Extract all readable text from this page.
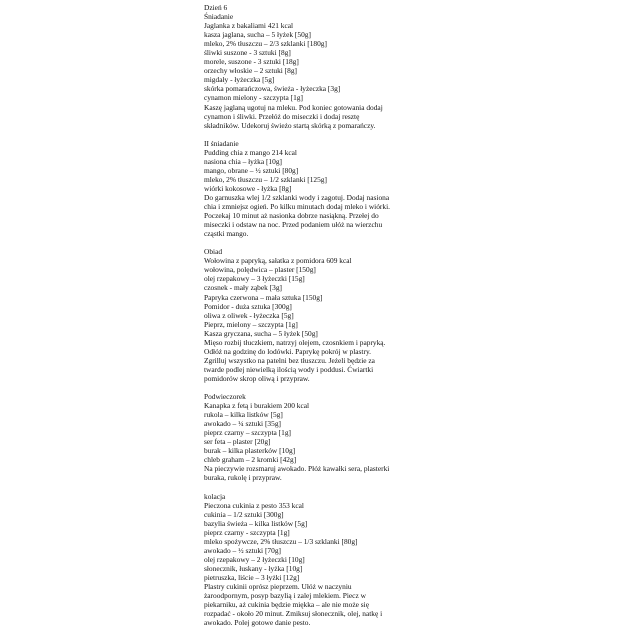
Dzień 6
Śniadanie
Jaglanka z bakaliami 421 kcal
kasza jaglana, sucha – 5 łyżek [50g]
mleko, 2% tłuszczu – 2/3 szklanki [180g]
śliwki suszone - 3 sztuki [8g]
morele, suszone - 3 sztuki [18g]
orzechy włoskie – 2 sztuki [8g]
migdały - łyżeczka [5g]
skórka pomarańczowa, świeża - łyżeczka [3g]
cynamon mielony - szczypta [1g]
Kaszę jaglaną ugotuj na mleku. Pod koniec gotowania dodaj
cynamon i śliwki. Przełóż do miseczki i dodaj resztę
składników. Udekoruj świeżo startą skórką z pomarańczy.
II śniadanie
Pudding chia z mango 214 kcal
nasiona chia – łyżka [10g]
mango, obrane – ½ sztuki [80g]
mleko, 2% tłuszczu – 1/2 szklanki [125g]
wiórki kokosowe - łyżka [8g]
Do garnuszka wlej 1/2 szklanki wody i zagotuj. Dodaj nasiona
chia i zmniejsz ogień. Po kilku minutach dodaj mleko i wiórki.
Poczekaj 10 minut aż nasionka dobrze nasiąkną. Przełej do
miseczki i odstaw na noc. Przed podaniem ułóż na wierzchu
cząstki mango.
Obiad
Wołowina z papryką, sałatka z pomidora 609 kcal
wołowina, polędwica – plaster [150g]
olej rzepakowy – 3 łyżeczki [15g]
czosnek - mały ząbek [3g]
Papryka czerwona – mała sztuka [150g]
Pomidor - duża sztuka [300g]
oliwa z oliwek - łyżeczka [5g]
Pieprz, mielony – szczypta [1g]
Kasza gryczana, sucha – 5 łyżek [50g]
Mięso rozbij tłuczkiem, natrzyj olejem, czosnkiem i papryką.
Odłóż na godzinę do lodówki. Paprykę pokrój w plastry.
Zgrilluj wszystko na patelni bez tłuszczu. Jeżeli będzie za
twarde podlej niewielką ilością wody i poddusi. Ćwiartki
pomidorów skrop oliwą i przypraw.
Podwieczorek
Kanapka z fetą i burakiem 200 kcal
rukola – kilka listków [5g]
awokado – ¼ sztuki [35g]
pieprz czarny – szczypta [1g]
ser feta – plaster [20g]
burak – kilka plasterków [10g]
chleb graham – 2 kromki [42g]
Na pieczywie rozsmaruj awokado. Płóż kawałki sera, plasterki
buraka, rukolę i przypraw.
kolacja
Pieczona cukinia z pesto 353 kcal
cukinia – 1/2 sztuki [300g]
bazylia świeża – kilka listków [5g]
pieprz czarny - szczypta [1g]
mleko spożywcze, 2% tłuszczu – 1/3 szklanki [80g]
awokado – ½ sztuki [70g]
olej rzepakowy – 2 łyżeczki [10g]
słonecznik, łuskany - łyżka [10g]
pietruszka, liście – 3 łyżki [12g]
Plastry cukinii oprósz pieprzem. Ułóż w naczyniu
żaroodpornym, posyp bazylią i zalej mlekiem. Piecz w
piekarniku, aż cukinia będzie miękka – ale nie może się
rozpadać - około 20 minut. Zmiksuj słonecznik, olej, natkę i
awokado. Polej gotowe danie pesto.
